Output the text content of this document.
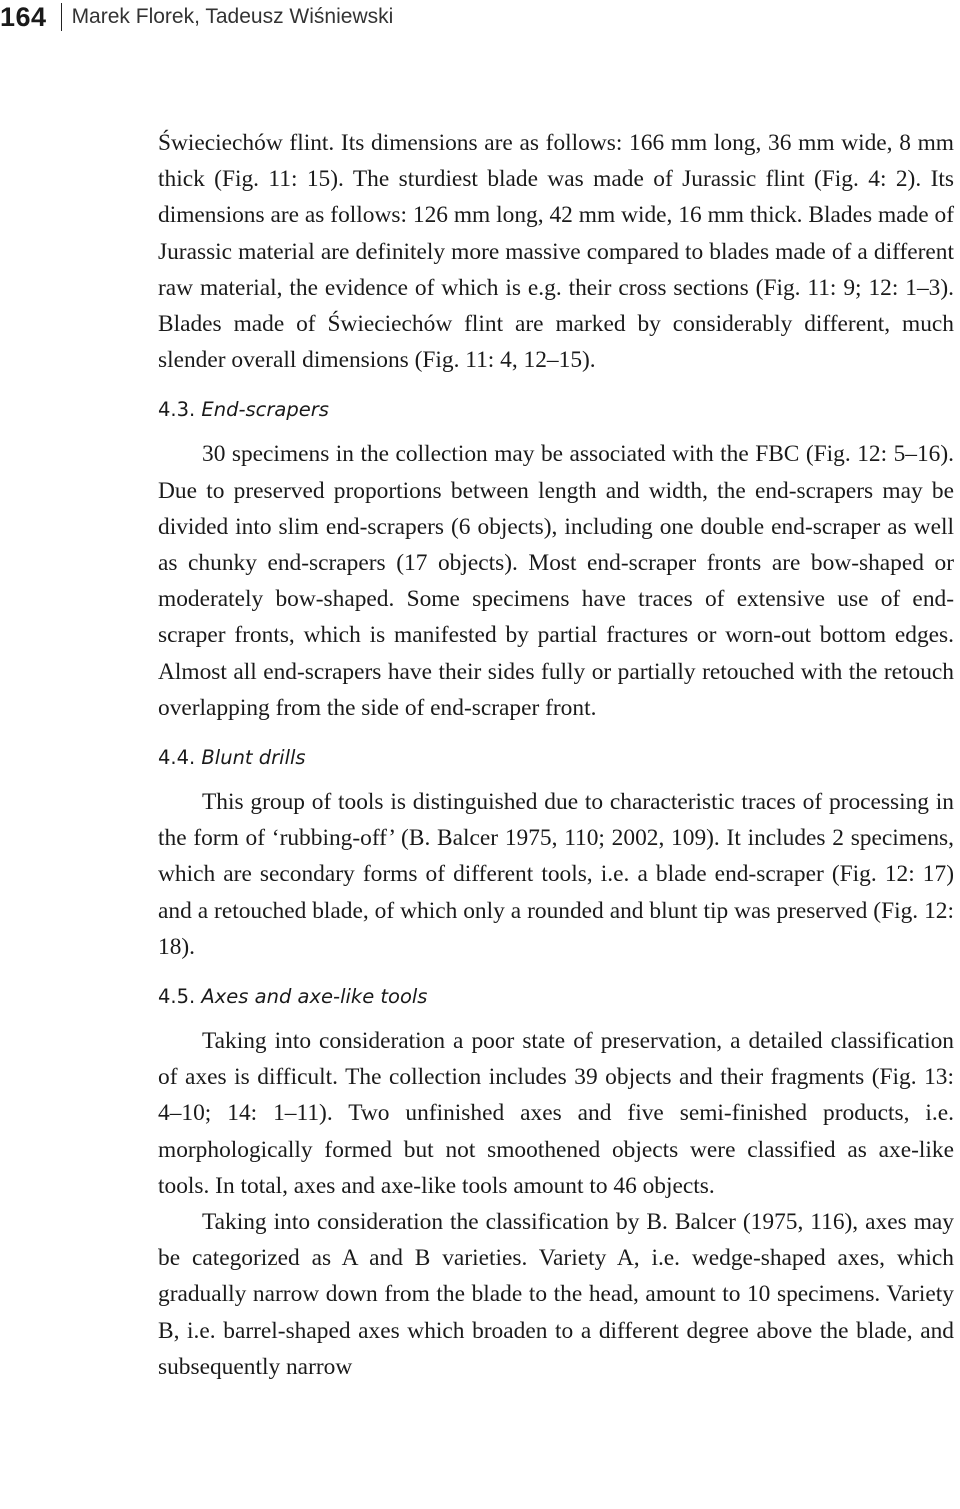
164	Marek Florek, Tadeusz Wiśniewski

Świeciechów flint. Its dimensions are as follows: 166 mm long, 36 mm wide, 8 mm thick (Fig. 11: 15). The sturdiest blade was made of Jurassic flint (Fig. 4: 2). Its dimensions are as follows: 126 mm long, 42 mm wide, 16 mm thick. Blades made of Jurassic material are definitely more massive compared to blades made of a different raw material, the evidence of which is e.g. their cross sections (Fig. 11: 9; 12: 1–3). Blades made of Świeciechów flint are marked by considerably different, much slender overall dimensions (Fig. 11: 4, 12–15).

4.3. End-scrapers

30 specimens in the collection may be associated with the FBC (Fig. 12: 5–16). Due to preserved proportions between length and width, the end-scrapers may be divided into slim end-scrapers (6 objects), including one double end-scraper as well as chunky end-scrapers (17 objects). Most end-scraper fronts are bow-shaped or moderately bow-shaped. Some specimens have traces of extensive use of end-scraper fronts, which is manifested by partial fractures or worn-out bottom edges. Almost all end-scrapers have their sides fully or partially retouched with the retouch overlapping from the side of end-scraper front.

4.4. Blunt drills

This group of tools is distinguished due to characteristic traces of processing in the form of ‘rubbing-off’ (B. Balcer 1975, 110; 2002, 109). It includes 2 specimens, which are secondary forms of different tools, i.e. a blade end-scraper (Fig. 12: 17) and a retouched blade, of which only a rounded and blunt tip was preserved (Fig. 12: 18).

4.5. Axes and axe-like tools

Taking into consideration a poor state of preservation, a detailed classification of axes is difficult. The collection includes 39 objects and their fragments (Fig. 13: 4–10; 14: 1–11). Two unfinished axes and five semi-finished products, i.e. morphologically formed but not smoothened objects were classified as axe-like tools. In total, axes and axe-like tools amount to 46 objects.

Taking into consideration the classification by B. Balcer (1975, 116), axes may be categorized as A and B varieties. Variety A, i.e. wedge-shaped axes, which gradually narrow down from the blade to the head, amount to 10 specimens. Variety B, i.e. barrel-shaped axes which broaden to a different degree above the blade, and subsequently narrow
